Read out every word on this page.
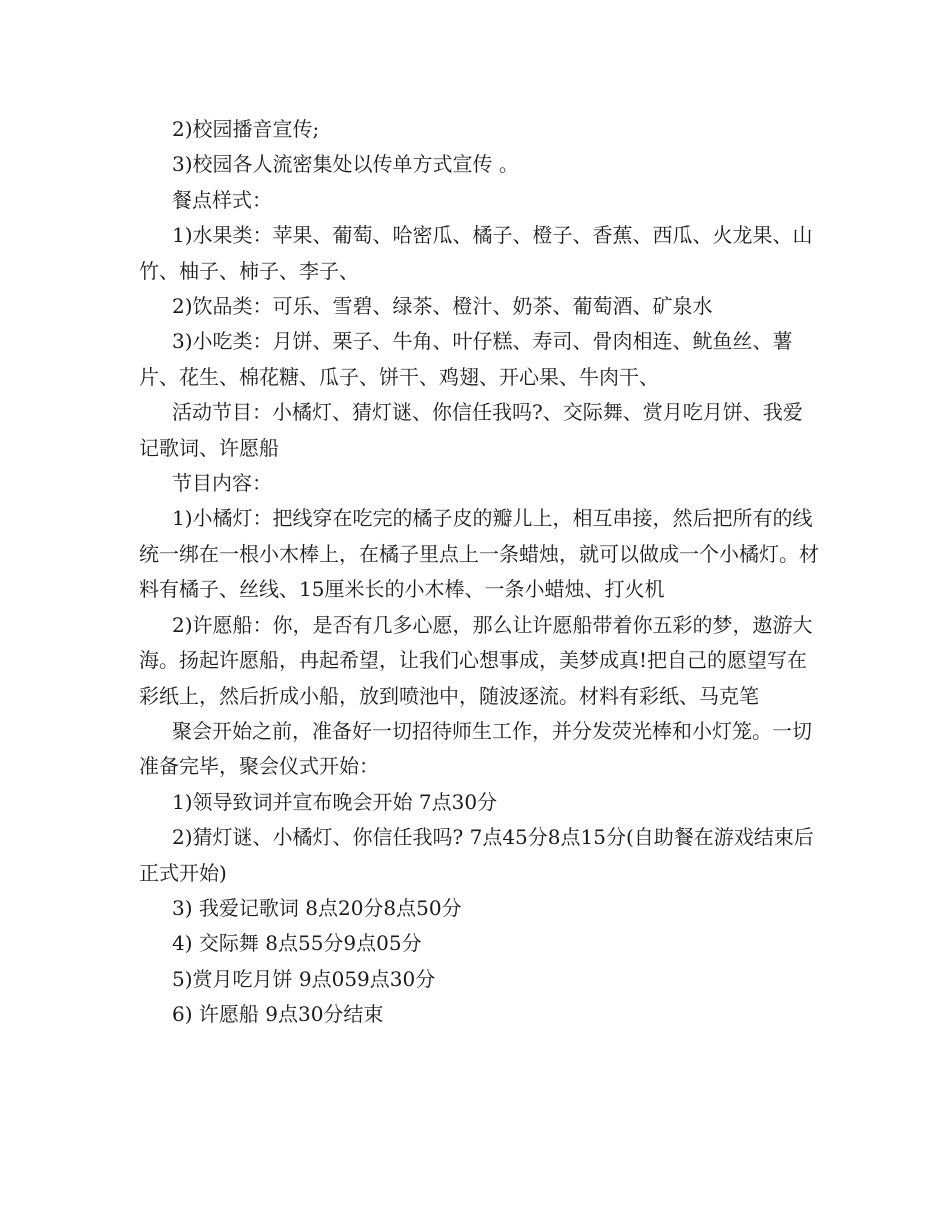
2)校园播音宣传;

3)校园各人流密集处以传单方式宣传 。

餐点样式：

1)水果类：苹果、葡萄、哈密瓜、橘子、橙子、香蕉、西瓜、火龙果、山竹、柚子、柿子、李子、

2)饮品类：可乐、雪碧、绿茶、橙汁、奶茶、葡萄酒、矿泉水

3)小吃类：月饼、栗子、牛角、叶仔糕、寿司、骨肉相连、鱿鱼丝、薯片、花生、棉花糖、瓜子、饼干、鸡翅、开心果、牛肉干、

活动节目：小橘灯、猜灯谜、你信任我吗?、交际舞、赏月吃月饼、我爱记歌词、许愿船

节目内容：

1)小橘灯：把线穿在吃完的橘子皮的瓣儿上，相互串接，然后把所有的线统一绑在一根小木棒上，在橘子里点上一条蜡烛，就可以做成一个小橘灯。材料有橘子、丝线、15厘米长的小木棒、一条小蜡烛、打火机

2)许愿船：你，是否有几多心愿，那么让许愿船带着你五彩的梦，遨游大海。扬起许愿船，冉起希望，让我们心想事成，美梦成真!把自己的愿望写在彩纸上，然后折成小船，放到喷池中，随波逐流。材料有彩纸、马克笔

聚会开始之前，准备好一切招待师生工作，并分发荧光棒和小灯笼。一切准备完毕，聚会仪式开始：

1)领导致词并宣布晚会开始 7点30分

2)猜灯谜、小橘灯、你信任我吗? 7点45分8点15分(自助餐在游戏结束后正式开始)

3) 我爱记歌词 8点20分8点50分

4) 交际舞 8点55分9点05分

5)赏月吃月饼 9点059点30分

6) 许愿船 9点30分结束
